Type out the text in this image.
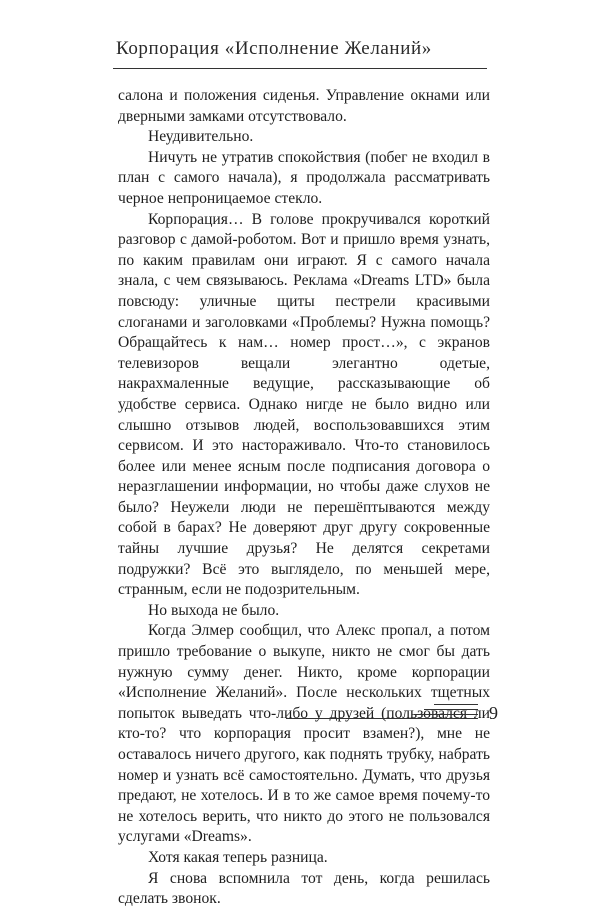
Корпорация «Исполнение Желаний»

салона и положения сиденья. Управление окнами или дверными замками отсутствовало.

Неудивительно.

Ничуть не утратив спокойствия (побег не входил в план с самого начала), я продолжала рассматривать черное непроницаемое стекло.

Корпорация… В голове прокручивался короткий разговор с дамой-роботом. Вот и пришло время узнать, по каким правилам они играют. Я с самого начала знала, с чем связываюсь. Реклама «Dreams LTD» была повсюду: уличные щиты пестрели красивыми слоганами и заголовками «Проблемы? Нужна помощь? Обращайтесь к нам… номер прост…», с экранов телевизоров вещали элегантно одетые, накрахмаленные ведущие, рассказывающие об удобстве сервиса. Однако нигде не было видно или слышно отзывов людей, воспользовавшихся этим сервисом. И это настораживало. Что-то становилось более или менее ясным после подписания договора о неразглашении информации, но чтобы даже слухов не было? Неужели люди не перешёптываются между собой в барах? Не доверяют друг другу сокровенные тайны лучшие друзья? Не делятся секретами подружки? Всё это выглядело, по меньшей мере, странным, если не подозрительным.

Но выхода не было.

Когда Элмер сообщил, что Алекс пропал, а потом пришло требование о выкупе, никто не смог бы дать нужную сумму денег. Никто, кроме корпорации «Исполнение Желаний». После нескольких тщетных попыток выведать что-либо у друзей (пользовался ли кто-то? что корпорация просит взамен?), мне не оставалось ничего другого, как поднять трубку, набрать номер и узнать всё самостоятельно. Думать, что друзья предают, не хотелось. И в то же самое время почему-то не хотелось верить, что никто до этого не пользовался услугами «Dreams».

Хотя какая теперь разница.

Я снова вспомнила тот день, когда решилась сделать звонок.

9
